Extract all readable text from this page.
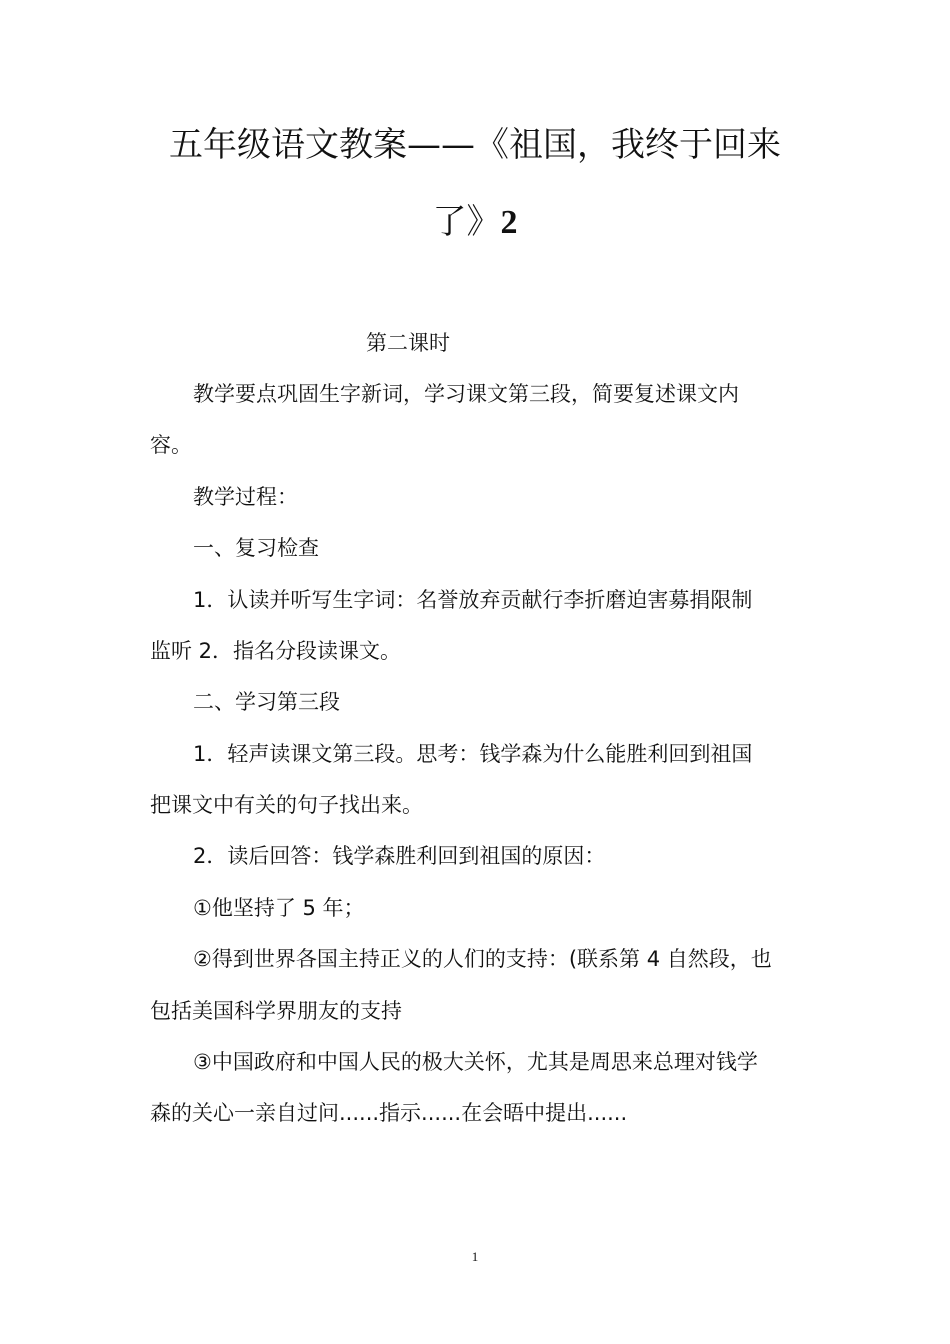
五年级语文教案——《祖国，我终于回来
了》2
第二课时
教学要点巩固生字新词，学习课文第三段，简要复述课文内
容。
教学过程：
一、复习检查
1．认读并听写生字词：名誉放弃贡献行李折磨迫害募捐限制
监听 2．指名分段读课文。
二、学习第三段
1．轻声读课文第三段。思考：钱学森为什么能胜利回到祖国
把课文中有关的句子找出来。
2．读后回答：钱学森胜利回到祖国的原因：
①他坚持了 5 年；
②得到世界各国主持正义的人们的支持：(联系第 4 自然段，也
包括美国科学界朋友的支持
③中国政府和中国人民的极大关怀，尤其是周思来总理对钱学
森的关心一亲自过问......指示......在会晤中提出......
1
